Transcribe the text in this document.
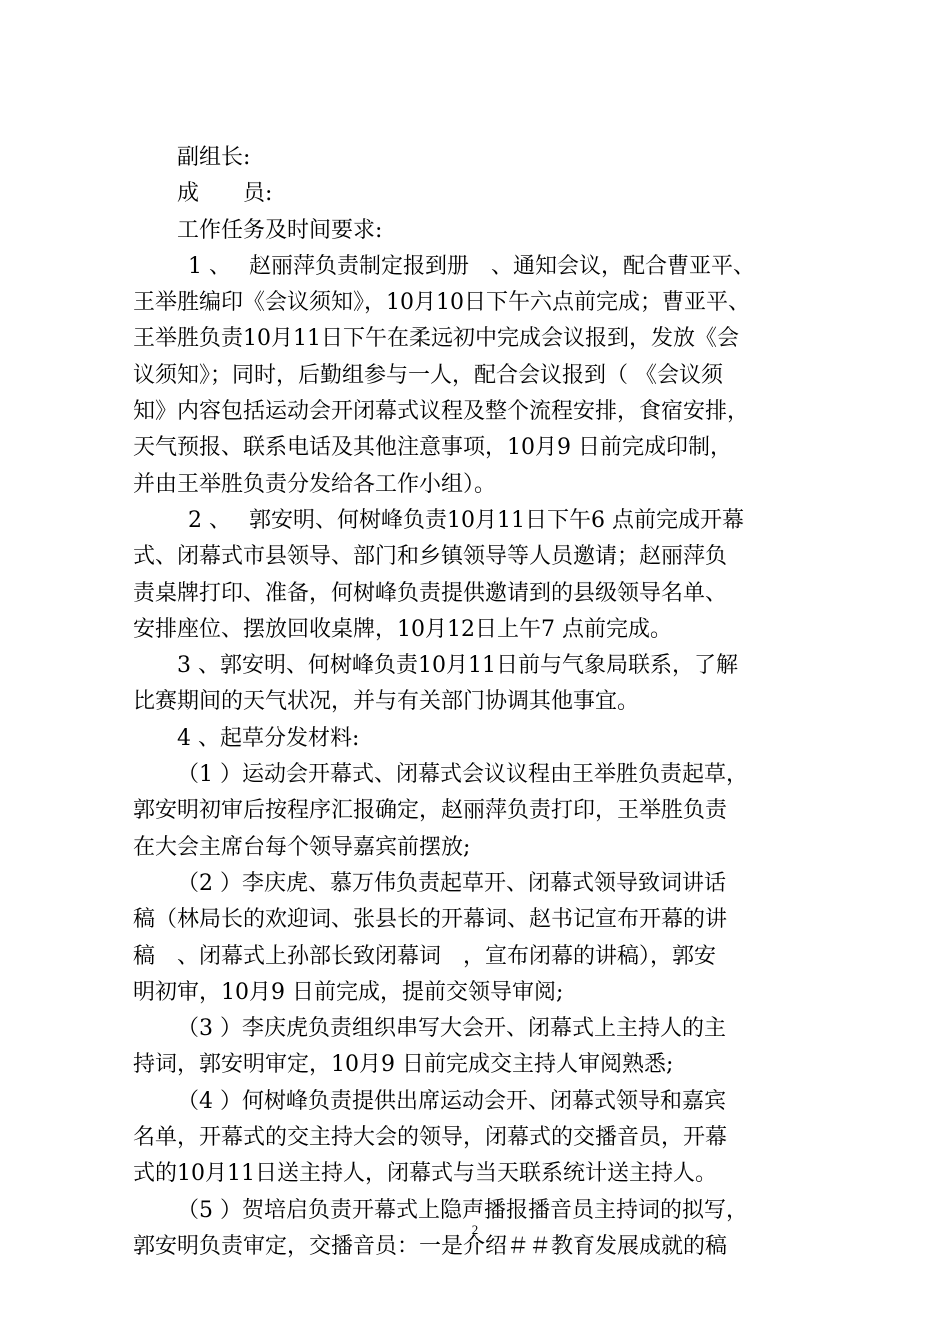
副组长:
成　　员:
工作任务及时间要求:
1 、　 赵丽萍负责制定报到册　、通知会议，配合曹亚平、
王举胜编印《会议须知》，10月10日下午六点前完成；曹亚平、
王举胜负责10月11日下午在柔远初中完成会议报到，发放《会
议须知》；同时，后勤组参与一人，配合会议报到（ 《会议须
知》内容包括运动会开闭幕式议程及整个流程安排，食宿安排，
天气预报、联系电话及其他注意事项，10月9 日前完成印制，
并由王举胜负责分发给各工作小组）。
2 、　 郭安明、何树峰负责10月11日下午6 点前完成开幕
式、闭幕式市县领导、部门和乡镇领导等人员邀请；赵丽萍负
责桌牌打印、准备，何树峰负责提供邀请到的县级领导名单、
安排座位、摆放回收桌牌，10月12日上午7 点前完成。
3 、郭安明、何树峰负责10月11日前与气象局联系，了解
比赛期间的天气状况，并与有关部门协调其他事宜。
4 、起草分发材料:
（1 ）运动会开幕式、闭幕式会议议程由王举胜负责起草，
郭安明初审后按程序汇报确定，赵丽萍负责打印，王举胜负责
在大会主席台每个领导嘉宾前摆放;
（2 ）李庆虎、慕万伟负责起草开、闭幕式领导致词讲话
稿（林局长的欢迎词、张县长的开幕词、赵书记宣布开幕的讲
稿　、闭幕式上孙部长致闭幕词　，宣布闭幕的讲稿），郭安
明初审，10月9 日前完成，提前交领导审阅;
（3 ）李庆虎负责组织串写大会开、闭幕式上主持人的主
持词，郭安明审定，10月9 日前完成交主持人审阅熟悉;
（4 ）何树峰负责提供出席运动会开、闭幕式领导和嘉宾
名单，开幕式的交主持大会的领导，闭幕式的交播音员，开幕
式的10月11日送主持人，闭幕式与当天联系统计送主持人。
（5 ）贺培启负责开幕式上隐声播报播音员主持词的拟写，
郭安明负责审定，交播音员：一是介绍＃＃教育发展成就的稿
2
